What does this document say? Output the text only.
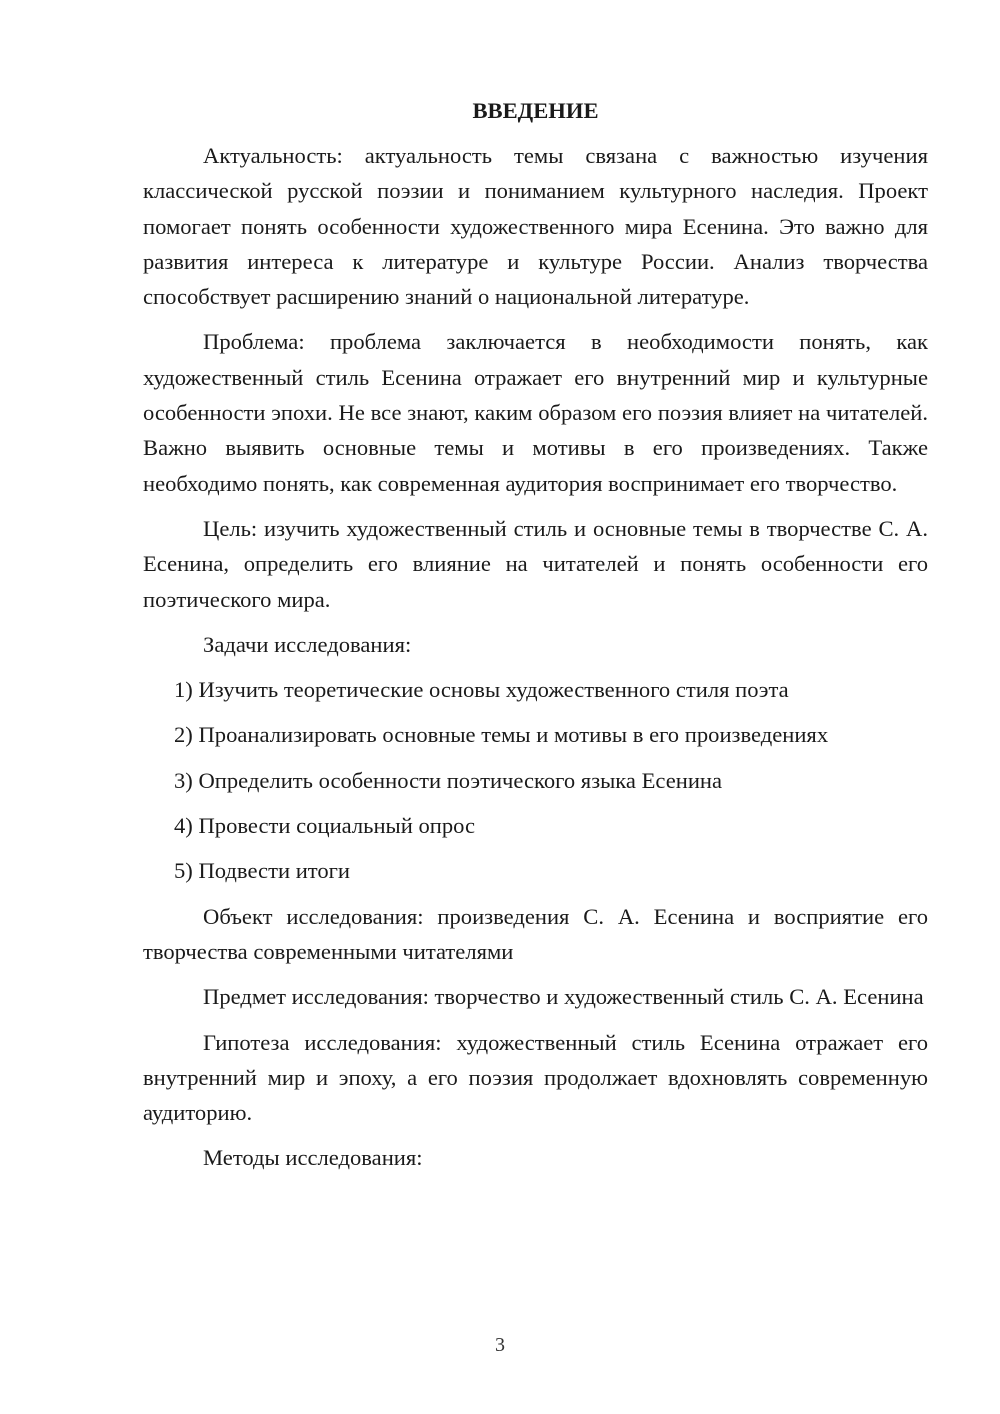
ВВЕДЕНИЕ

Актуальность: актуальность темы связана с важностью изучения классической русской поэзии и пониманием культурного наследия. Проект помогает понять особенности художественного мира Есенина. Это важно для развития интереса к литературе и культуре России. Анализ творчества способствует расширению знаний о национальной литературе.

Проблема: проблема заключается в необходимости понять, как художественный стиль Есенина отражает его внутренний мир и культурные особенности эпохи. Не все знают, каким образом его поэзия влияет на читателей. Важно выявить основные темы и мотивы в его произведениях. Также необходимо понять, как современная аудитория воспринимает его творчество.

Цель: изучить художественный стиль и основные темы в творчестве С. А. Есенина, определить его влияние на читателей и понять особенности его поэтического мира.

Задачи исследования:

1) Изучить теоретические основы художественного стиля поэта
2) Проанализировать основные темы и мотивы в его произведениях
3) Определить особенности поэтического языка Есенина
4) Провести социальный опрос
5) Подвести итоги

Объект исследования: произведения С. А. Есенина и восприятие его творчества современными читателями

Предмет исследования: творчество и художественный стиль С. А. Есенина

Гипотеза исследования: художественный стиль Есенина отражает его внутренний мир и эпоху, а его поэзия продолжает вдохновлять современную аудиторию.

Методы исследования:

3
